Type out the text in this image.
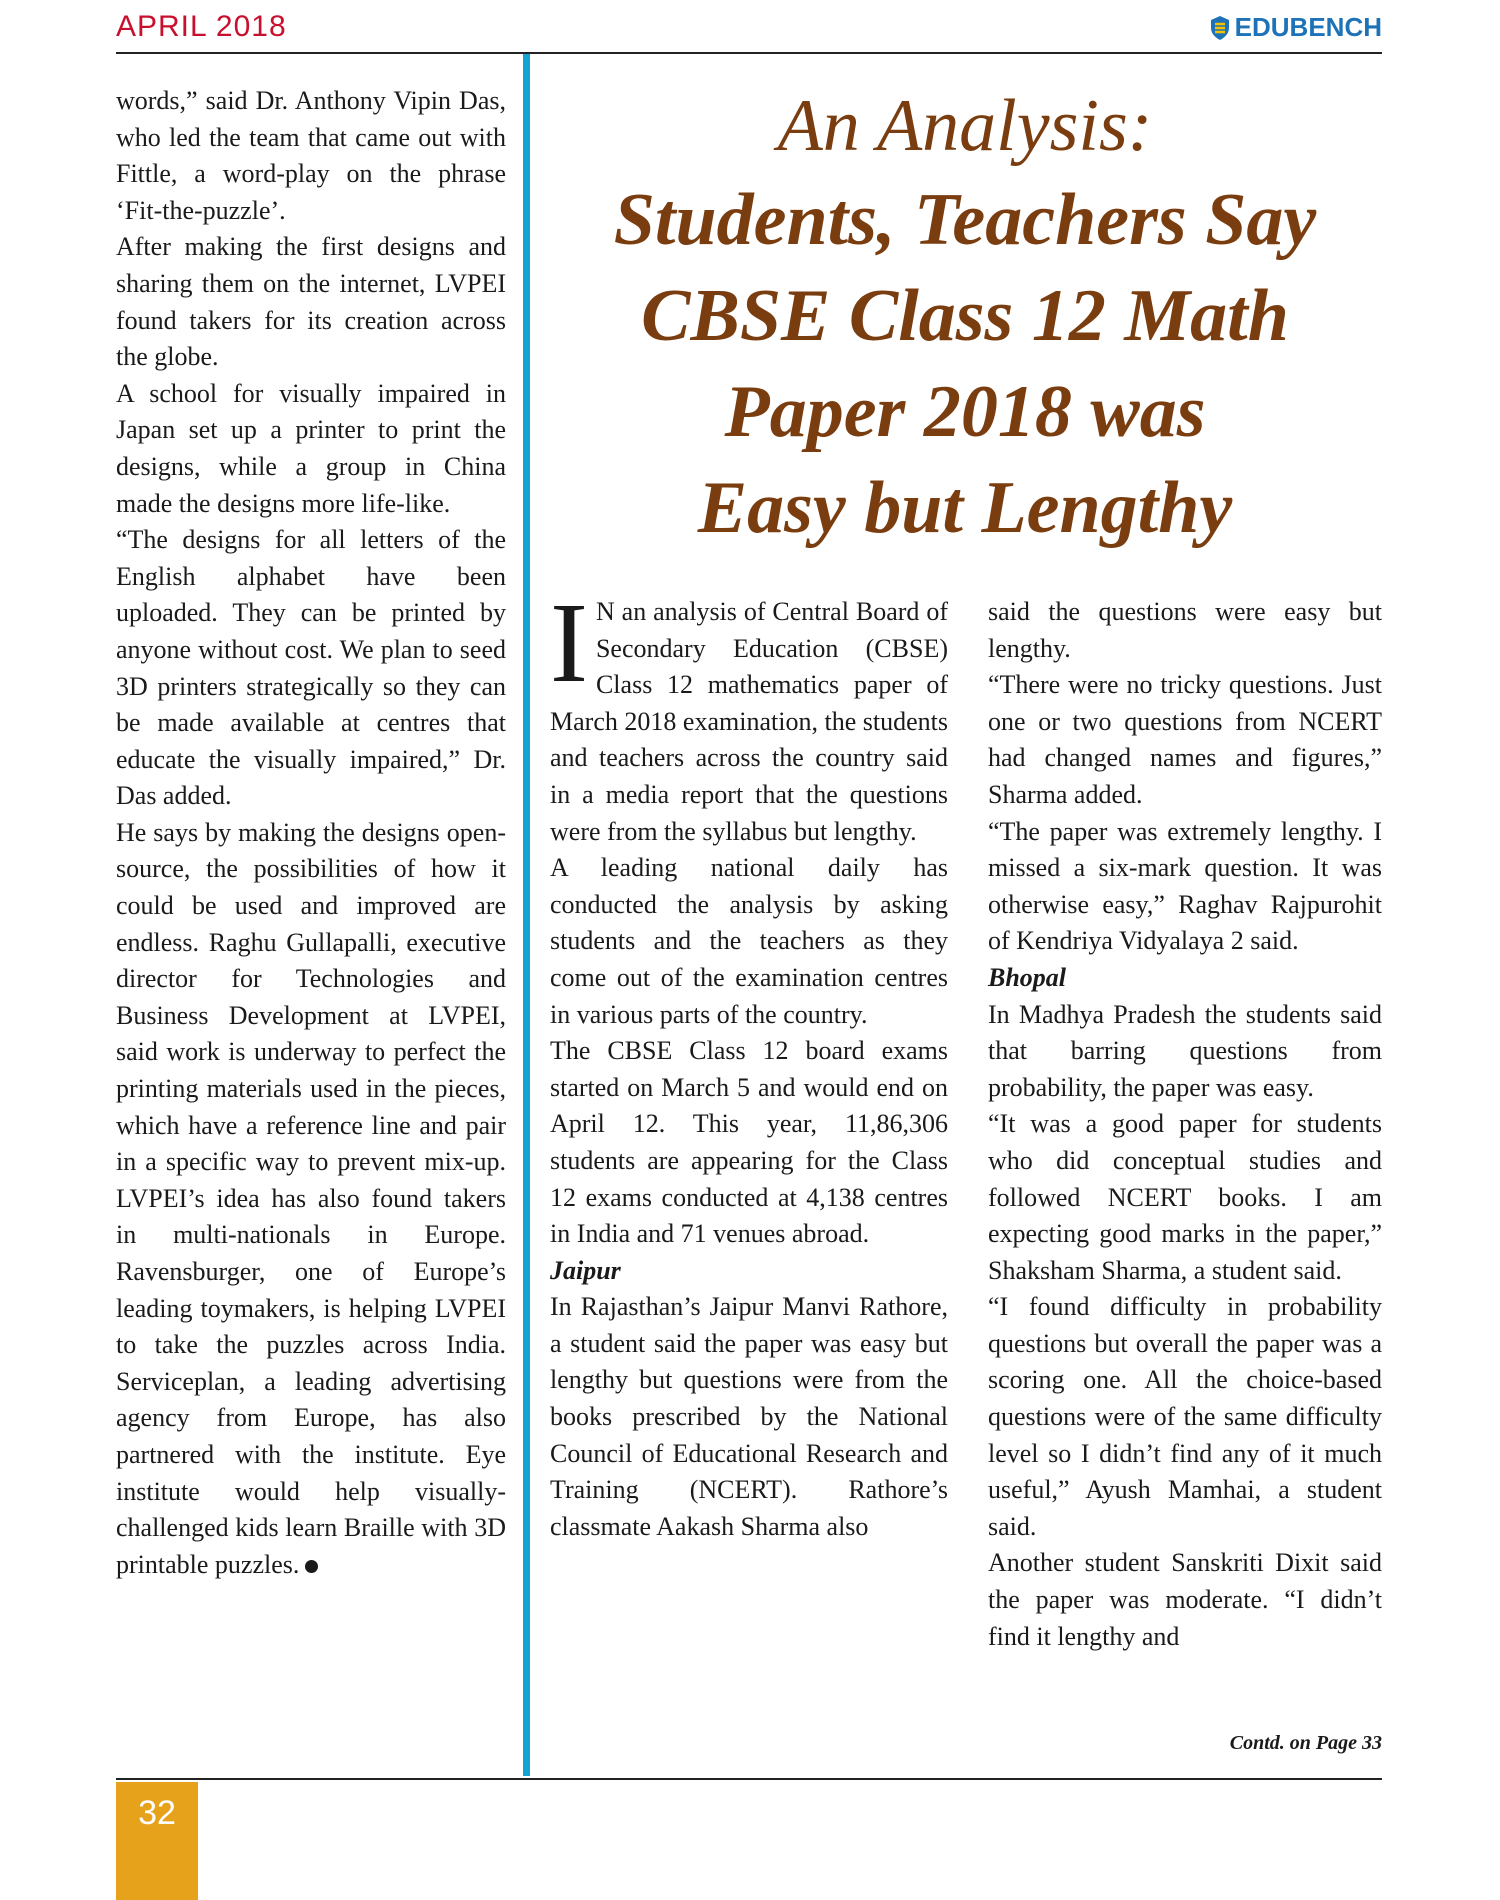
APRIL 2018	EDUBENCH

words,” said Dr. Anthony Vipin Das, who led the team that came out with Fittle, a word-play on the phrase ‘Fit-the-puzzle’.

After making the first designs and sharing them on the internet, LVPEI found takers for its creation across the globe.

A school for visually impaired in Japan set up a printer to print the designs, while a group in China made the designs more life-like.

“The designs for all letters of the English alphabet have been uploaded. They can be printed by anyone without cost. We plan to seed 3D printers strategically so they can be made available at centres that educate the visually impaired,” Dr. Das added.

He says by making the designs open-source, the possibilities of how it could be used and improved are endless. Raghu Gullapalli, executive director for Technologies and Business Development at LVPEI, said work is underway to perfect the printing materials used in the pieces, which have a reference line and pair in a specific way to prevent mix-up. LVPEI’s idea has also found takers in multi-nationals in Europe. Ravensburger, one of Europe’s leading toymakers, is helping LVPEI to take the puzzles across India. Serviceplan, a leading advertising agency from Europe, has also partnered with the institute. Eye institute would help visually-challenged kids learn Braille with 3D printable puzzles.

An Analysis:
Students, Teachers Say
CBSE Class 12 Math
Paper 2018 was
Easy but Lengthy

I N an analysis of Central Board of Secondary Education (CBSE) Class 12 mathematics paper of March 2018 examination, the students and teachers across the country said in a media report that the questions were from the syllabus but lengthy.

A leading national daily has conducted the analysis by asking students and the teachers as they come out of the examination centres in various parts of the country.

The CBSE Class 12 board exams started on March 5 and would end on April 12. This year, 11,86,306 students are appearing for the Class 12 exams conducted at 4,138 centres in India and 71 venues abroad.

Jaipur

In Rajasthan’s Jaipur Manvi Rathore, a student said the paper was easy but lengthy but questions were from the books prescribed by the National Council of Educational Research and Training (NCERT). Rathore’s classmate Aakash Sharma also

said the questions were easy but lengthy.

“There were no tricky questions. Just one or two questions from NCERT had changed names and figures,” Sharma added.

“The paper was extremely lengthy. I missed a six-mark question. It was otherwise easy,” Raghav Rajpurohit of Kendriya Vidyalaya 2 said.

Bhopal

In Madhya Pradesh the students said that barring questions from probability, the paper was easy.

“It was a good paper for students who did conceptual studies and followed NCERT books. I am expecting good marks in the paper,” Shaksham Sharma, a student said.

“I found difficulty in probability questions but overall the paper was a scoring one. All the choice-based questions were of the same difficulty level so I didn’t find any of it much useful,” Ayush Mamhai, a student said.

Another student Sanskriti Dixit said the paper was moderate. “I didn’t find it lengthy and

Contd. on Page 33
32
